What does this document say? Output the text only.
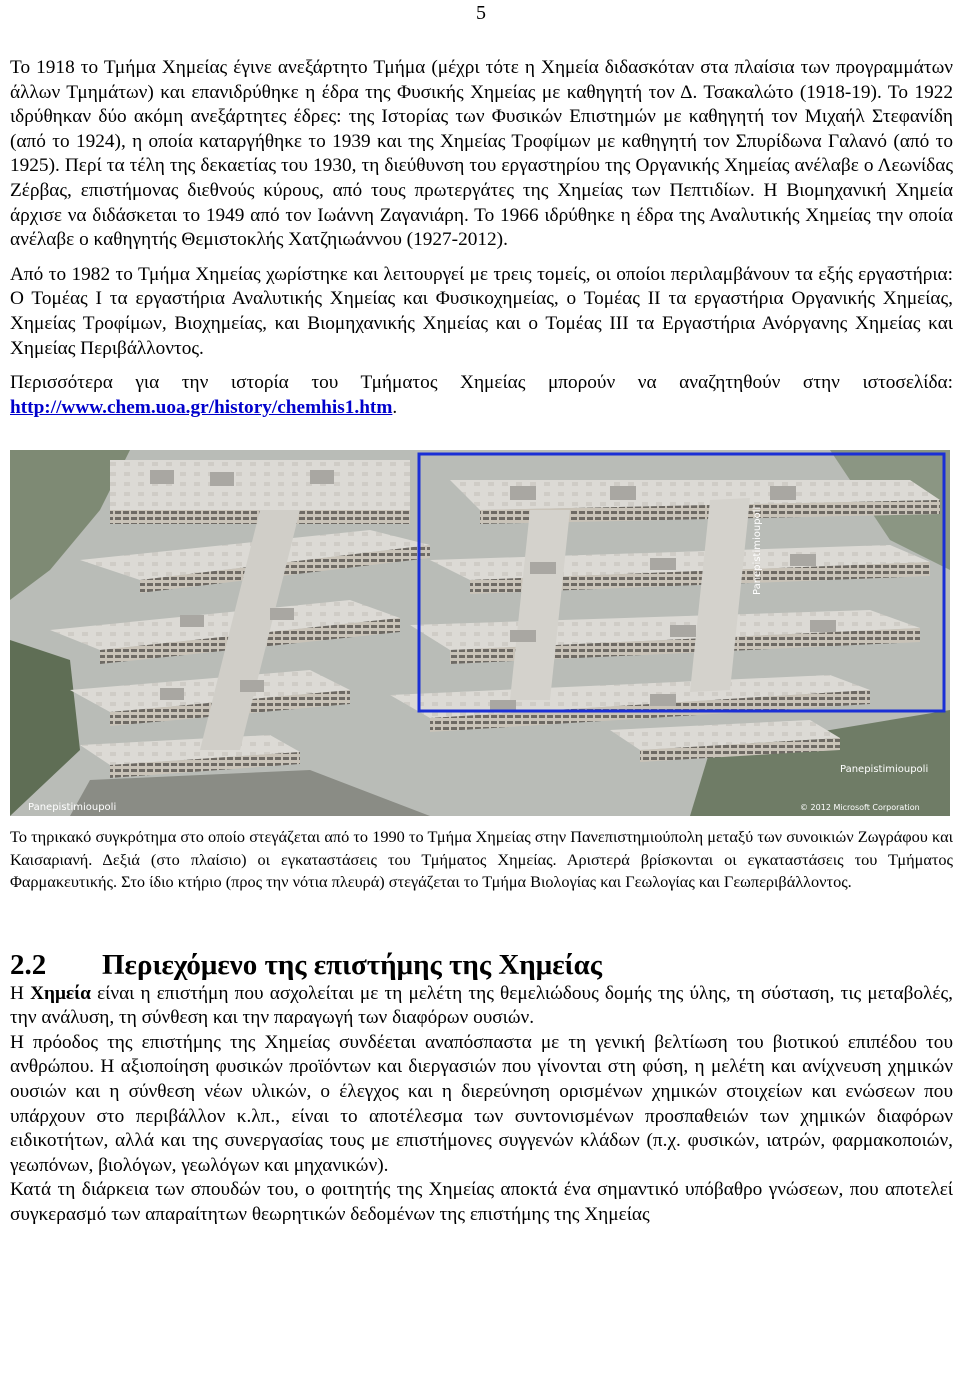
5

Το 1918 το Τμήμα Χημείας έγινε ανεξάρτητο Τμήμα (μέχρι τότε η Χημεία διδασκόταν στα πλαίσια των προγραμμάτων άλλων Τμημάτων) και επανιδρύθηκε η έδρα της Φυσικής Χημείας με καθηγητή τον Δ. Τσακαλώτο (1918-19). Το 1922 ιδρύθηκαν δύο ακόμη ανεξάρτητες έδρες: της Ιστορίας των Φυσικών Επιστημών με καθηγητή τον Μιχαήλ Στεφανίδη (από το 1924), η οποία καταργήθηκε το 1939 και της Χημείας Τροφίμων με καθηγητή τον Σπυρίδωνα Γαλανό (από το 1925). Περί τα τέλη της δεκαετίας του 1930, τη διεύθυνση του εργαστηρίου της Οργανικής Χημείας ανέλαβε ο Λεωνίδας Ζέρβας, επιστήμονας διεθνούς κύρους, από τους πρωτεργάτες της Χημείας των Πεπτιδίων. Η Βιομηχανική Χημεία άρχισε να διδάσκεται το 1949 από τον Ιωάννη Ζαγανιάρη. Το 1966 ιδρύθηκε η έδρα της Αναλυτικής Χημείας την οποία ανέλαβε ο καθηγητής Θεμιστοκλής Χατζηιωάννου (1927-2012).

Από το 1982 το Τμήμα Χημείας χωρίστηκε και λειτουργεί με τρεις τομείς, οι οποίοι περιλαμβάνουν τα εξής εργαστήρια: Ο Τομέας Ι τα εργαστήρια Αναλυτικής Χημείας και Φυσικοχημείας, ο Τομέας ΙΙ τα εργαστήρια Οργανικής Χημείας, Χημείας Τροφίμων, Βιοχημείας, και Βιομηχανικής Χημείας και ο Τομέας ΙΙΙ τα Εργαστήρια Ανόργανης Χημείας και Χημείας Περιβάλλοντος.

Περισσότερα για την ιστορία του Τμήματος Χημείας μπορούν να αναζητηθούν στην ιστοσελίδα: http://www.chem.uoa.gr/history/chemhis1.htm.

Panepistimioupoli
Panepistimioupoli
Panepistimioupoli
© 2012 Microsoft Corporation

Το τηρικακό συγκρότημα στο οποίο στεγάζεται από το 1990 το Τμήμα Χημείας στην Πανεπιστημιούπολη μεταξύ των συνοικιών Ζωγράφου και Καισαριανή. Δεξιά (στο πλαίσιο) οι εγκαταστάσεις του Τμήματος Χημείας. Αριστερά βρίσκονται οι εγκαταστάσεις του Τμήματος Φαρμακευτικής. Στο ίδιο κτήριο (προς την νότια πλευρά) στεγάζεται το Τμήμα Βιολογίας και Γεωλογίας και Γεωπεριβάλλοντος.

2.2	Περιεχόμενο της επιστήμης της Χημείας

Η Χημεία είναι η επιστήμη που ασχολείται με τη μελέτη της θεμελιώδους δομής της ύλης, τη σύσταση, τις μεταβολές, την ανάλυση, τη σύνθεση και την παραγωγή των διαφόρων ουσιών.

Η πρόοδος της επιστήμης της Χημείας συνδέεται αναπόσπαστα με τη γενική βελτίωση του βιοτικού επιπέδου του ανθρώπου. Η αξιοποίηση φυσικών προϊόντων και διεργασιών που γίνονται στη φύση, η μελέτη και ανίχνευση χημικών ουσιών και η σύνθεση νέων υλικών, ο έλεγχος και η διερεύνηση ορισμένων χημικών στοιχείων και ενώσεων που υπάρχουν στο περιβάλλον κ.λπ., είναι το αποτέλεσμα των συντονισμένων προσπαθειών των χημικών διαφόρων ειδικοτήτων, αλλά και της συνεργασίας τους με επιστήμονες συγγενών κλάδων (π.χ. φυσικών, ιατρών, φαρμακοποιών, γεωπόνων, βιολόγων, γεωλόγων και μηχανικών).

Κατά τη διάρκεια των σπουδών του, ο φοιτητής της Χημείας αποκτά ένα σημαντικό υπόβαθρο γνώσεων, που αποτελεί συγκερασμό των απαραίτητων θεωρητικών δεδομένων της επιστήμης της Χημείας
